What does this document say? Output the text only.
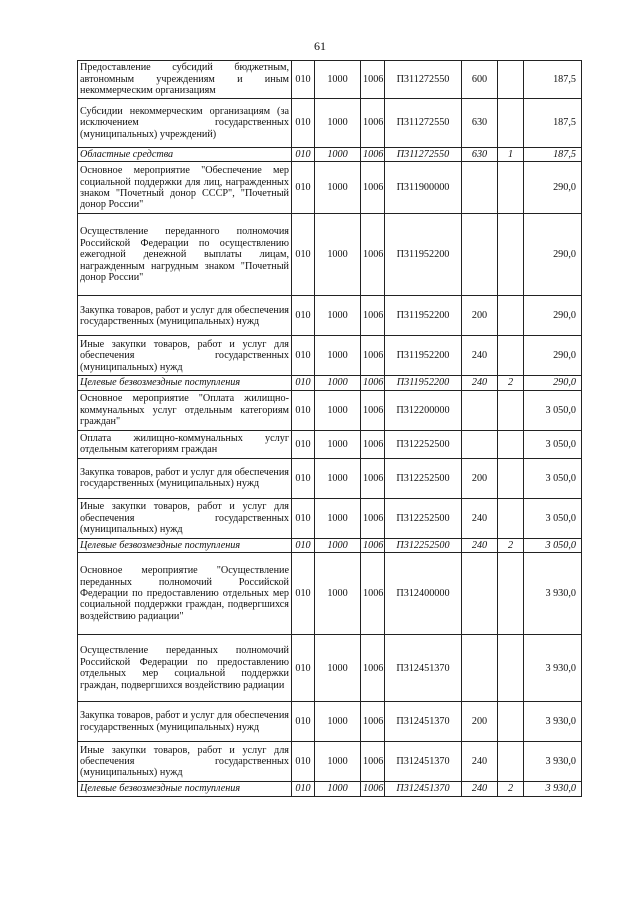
61
Предоставление субсидий бюджетным, автономным учреждениям и иным некоммерческим организациям	010	1000	1006	П311272550	600		187,5
Субсидии некоммерческим организациям (за исключением государственных (муниципальных) учреждений)	010	1000	1006	П311272550	630		187,5
Областные средства	010	1000	1006	П311272550	630	1	187,5
Основное мероприятие "Обеспечение мер социальной поддержки для лиц, награжденных знаком "Почетный донор СССР", "Почетный донор России"	010	1000	1006	П311900000			290,0
Осуществление переданного полномочия Российской Федерации по осуществлению ежегодной денежной выплаты лицам, награжденным нагрудным знаком "Почетный донор России"	010	1000	1006	П311952200			290,0
Закупка товаров, работ и услуг для обеспечения государственных (муниципальных) нужд	010	1000	1006	П311952200	200		290,0
Иные закупки товаров, работ и услуг для обеспечения государственных (муниципальных) нужд	010	1000	1006	П311952200	240		290,0
Целевые безвозмездные поступления	010	1000	1006	П311952200	240	2	290,0
Основное мероприятие "Оплата жилищно-коммунальных услуг отдельным категориям граждан"	010	1000	1006	П312200000			3 050,0
Оплата жилищно-коммунальных услуг отдельным категориям граждан	010	1000	1006	П312252500			3 050,0
Закупка товаров, работ и услуг для обеспечения государственных (муниципальных) нужд	010	1000	1006	П312252500	200		3 050,0
Иные закупки товаров, работ и услуг для обеспечения государственных (муниципальных) нужд	010	1000	1006	П312252500	240		3 050,0
Целевые безвозмездные поступления	010	1000	1006	П312252500	240	2	3 050,0
Основное мероприятие "Осуществление переданных полномочий Российской Федерации по предоставлению отдельных мер социальной поддержки граждан, подвергшихся воздействию радиации"	010	1000	1006	П312400000			3 930,0
Осуществление переданных полномочий Российской Федерации по предоставлению отдельных мер социальной поддержки граждан, подвергшихся воздействию радиации	010	1000	1006	П312451370			3 930,0
Закупка товаров, работ и услуг для обеспечения государственных (муниципальных) нужд	010	1000	1006	П312451370	200		3 930,0
Иные закупки товаров, работ и услуг для обеспечения государственных (муниципальных) нужд	010	1000	1006	П312451370	240		3 930,0
Целевые безвозмездные поступления	010	1000	1006	П312451370	240	2	3 930,0
